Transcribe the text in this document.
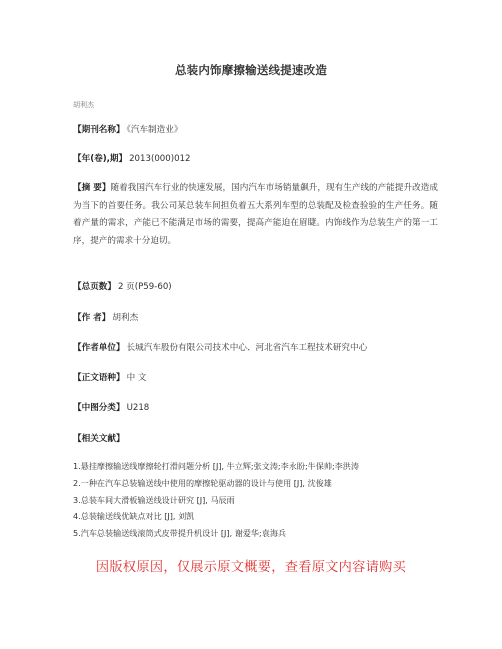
总装内饰摩擦输送线提速改造
胡利杰
【期刊名称】 《汽车制造业》
【年(卷),期】 2013(000)012
【摘 要】随着我国汽车行业的快速发展，国内汽车市场销量飙升，现有生产线的产能提升改造成为当下的首要任务。我公司某总装车间担负着五大系列车型的总装配及检查验验的生产任务。随着产量的需求，产能已不能满足市场的需要，提高产能迫在眉睫。内饰线作为总装生产的第一工序，提产的需求十分迫切。
【总页数】 2 页(P59-60)
【作 者】 胡利杰
【作者单位】 长城汽车股份有限公司技术中心、河北省汽车工程技术研究中心
【正文语种】 中 文
【中图分类】 U218
【相关文献】
1.悬挂摩擦输送线摩擦轮打滑问题分析 [J], 牛立辉;张文涛;李永盼;牛保帅;李洪涛
2.一种在汽车总装输送线中使用的摩擦轮驱动器的设计与使用 [J], 沈俊雄
3.总装车间大滑板输送线设计研究 [J], 马辰雨
4.总装输送线优缺点对比 [J], 刘凯
5.汽车总装输送线滚筒式皮带提升机设计 [J], 谢爱华;袁海兵
因版权原因，仅展示原文概要，查看原文内容请购买
